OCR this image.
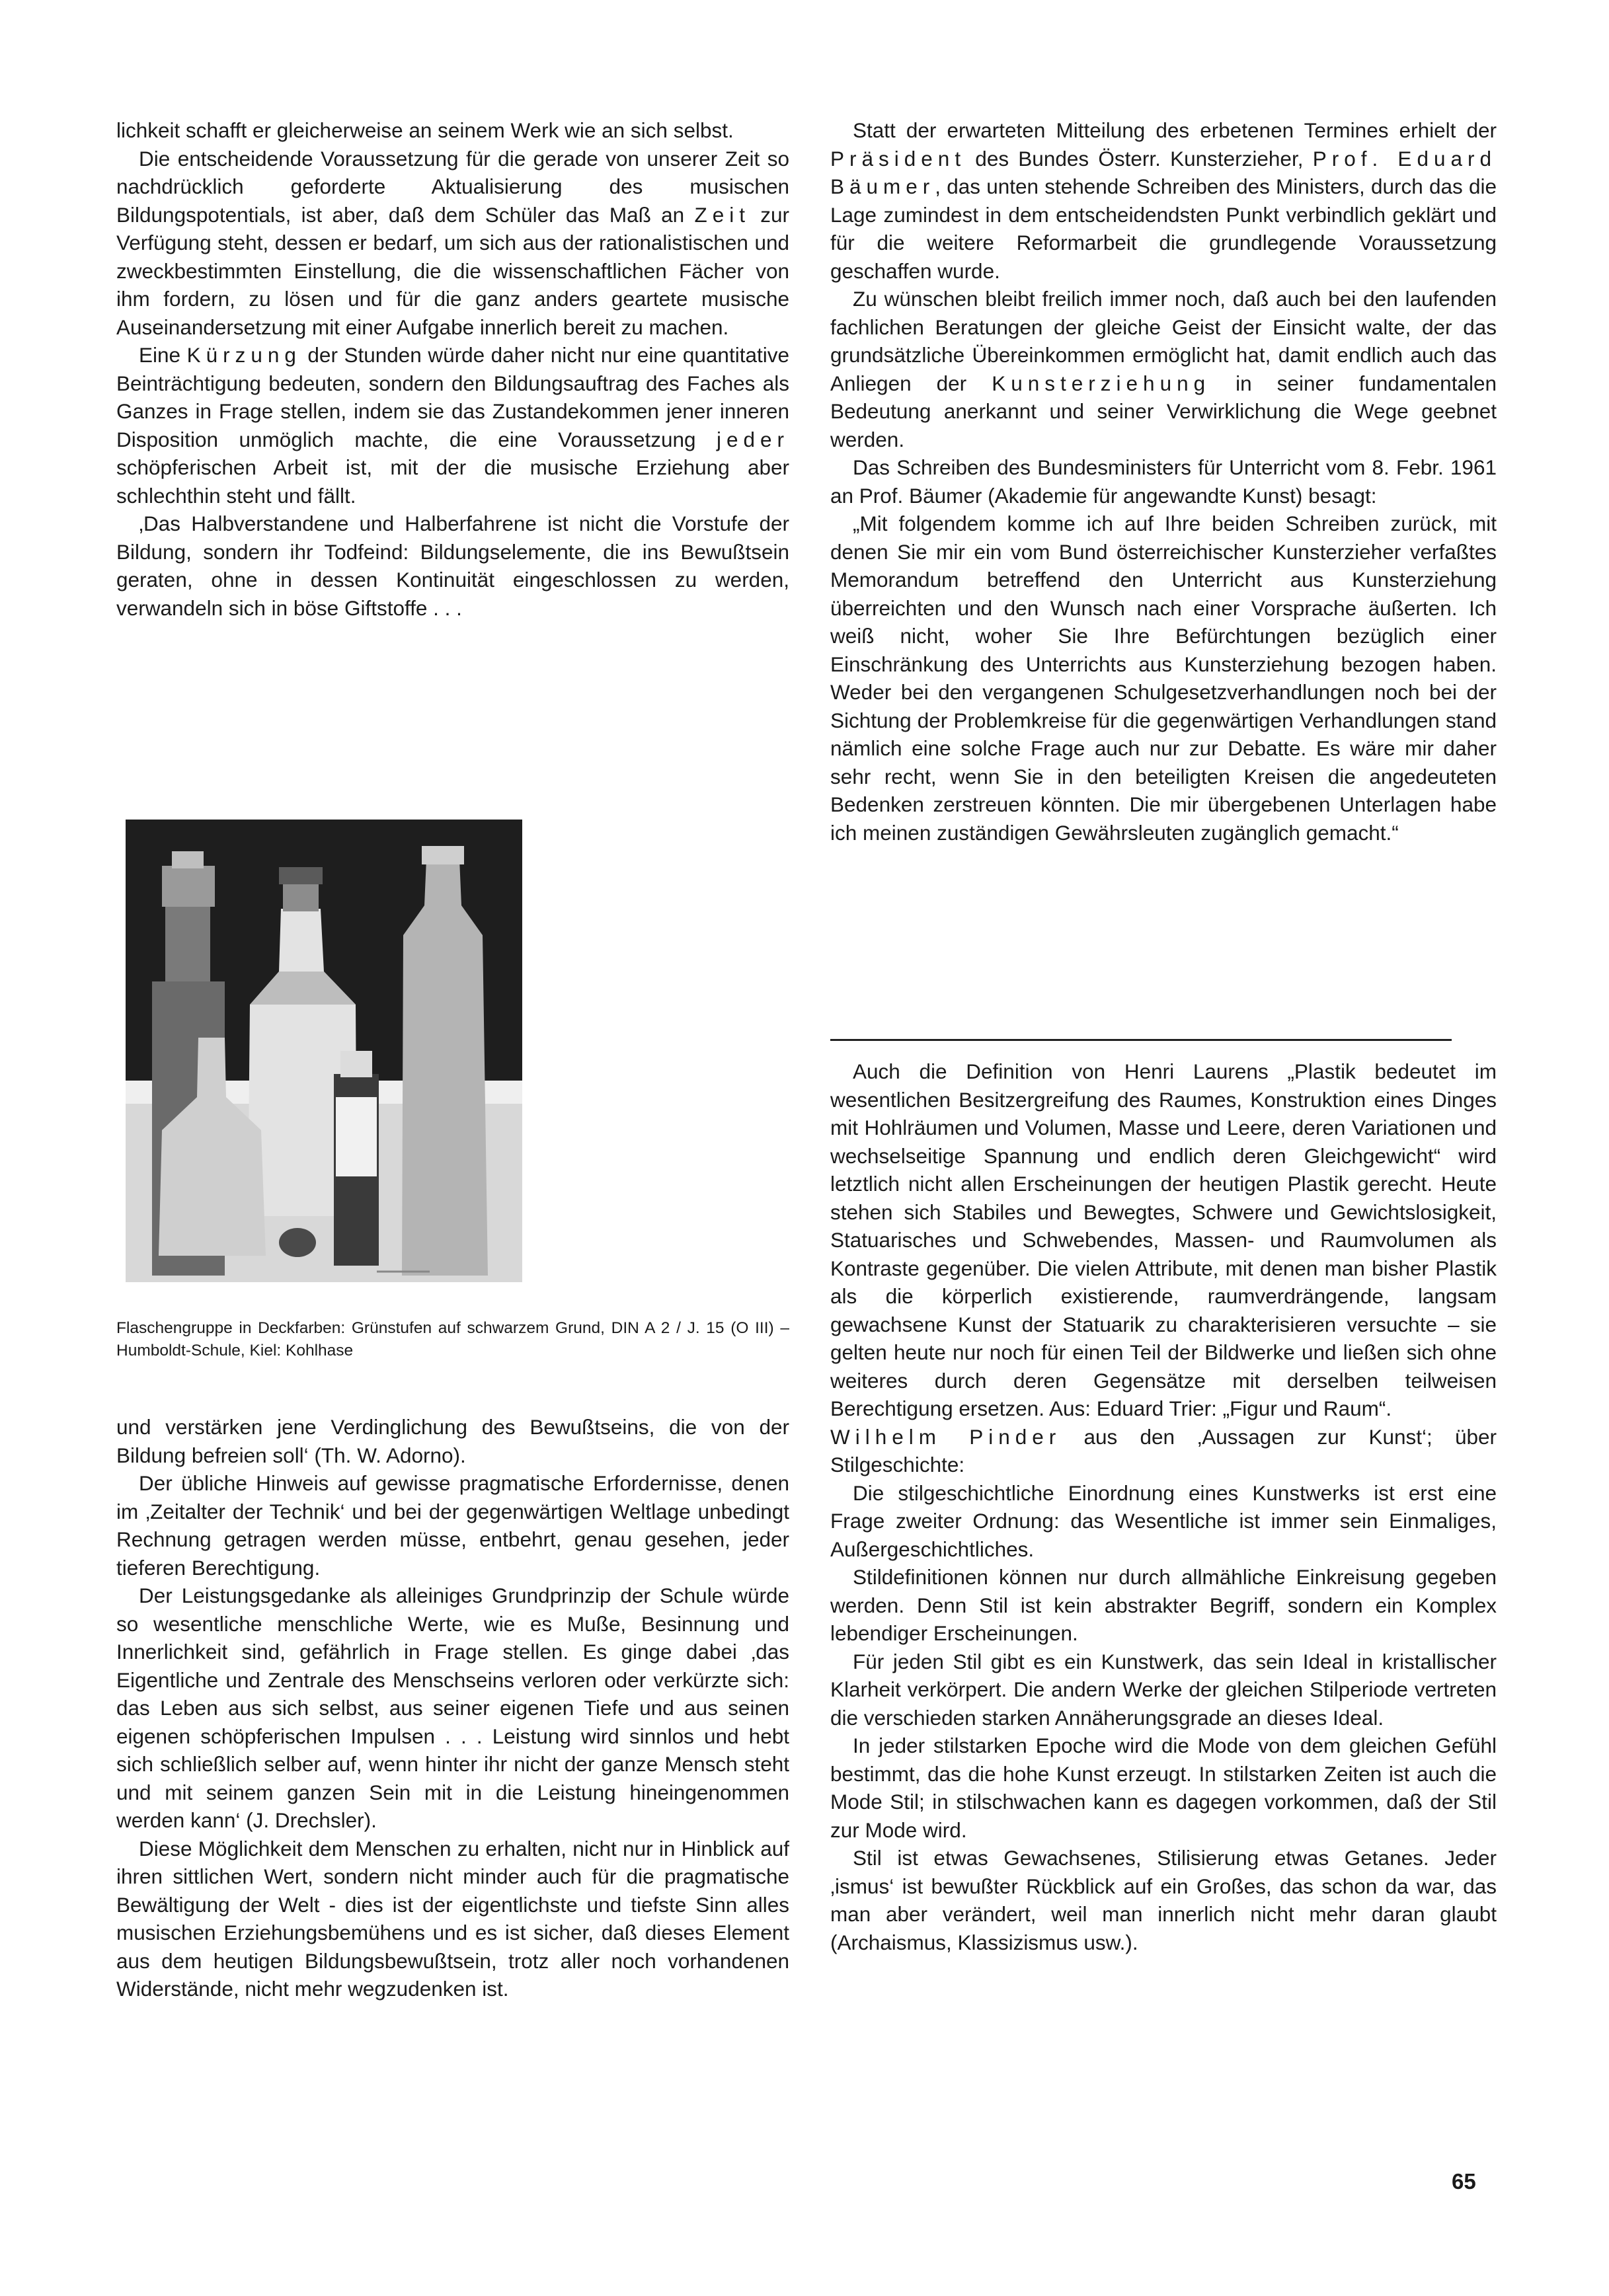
lichkeit schafft er gleicherweise an seinem Werk wie an sich selbst.

Die entscheidende Voraussetzung für die gerade von unserer Zeit so nachdrücklich geforderte Aktualisierung des musischen Bildungspotentials, ist aber, daß dem Schüler das Maß an Zeit zur Verfügung steht, dessen er bedarf, um sich aus der rationalistischen und zweckbestimmten Einstellung, die die wissenschaftlichen Fächer von ihm fordern, zu lösen und für die ganz anders geartete musische Auseinandersetzung mit einer Aufgabe innerlich bereit zu machen.

Eine Kürzung der Stunden würde daher nicht nur eine quantitative Beinträchtigung bedeuten, sondern den Bildungsauftrag des Faches als Ganzes in Frage stellen, indem sie das Zustandekommen jener inneren Disposition unmöglich machte, die eine Voraussetzung jeder schöpferischen Arbeit ist, mit der die musische Erziehung aber schlechthin steht und fällt.

‚Das Halbverstandene und Halberfahrene ist nicht die Vorstufe der Bildung, sondern ihr Todfeind: Bildungselemente, die ins Bewußtsein geraten, ohne in dessen Kontinuität eingeschlossen zu werden, verwandeln sich in böse Giftstoffe . . .

Flaschengruppe in Deckfarben: Grünstufen auf schwarzem Grund, DIN A 2 / J. 15 (O III) – Humboldt-Schule, Kiel: Kohlhase

und verstärken jene Verdinglichung des Bewußtseins, die von der Bildung befreien soll‘ (Th. W. Adorno).

Der übliche Hinweis auf gewisse pragmatische Erfordernisse, denen im ‚Zeitalter der Technik‘ und bei der gegenwärtigen Weltlage unbedingt Rechnung getragen werden müsse, entbehrt, genau gesehen, jeder tieferen Berechtigung.

Der Leistungsgedanke als alleiniges Grundprinzip der Schule würde so wesentliche menschliche Werte, wie es Muße, Besinnung und Innerlichkeit sind, gefährlich in Frage stellen. Es ginge dabei ‚das Eigentliche und Zentrale des Menschseins verloren oder verkürzte sich: das Leben aus sich selbst, aus seiner eigenen Tiefe und aus seinen eigenen schöpferischen Impulsen . . . Leistung wird sinnlos und hebt sich schließlich selber auf, wenn hinter ihr nicht der ganze Mensch steht und mit seinem ganzen Sein mit in die Leistung hineingenommen werden kann‘ (J. Drechsler).

Diese Möglichkeit dem Menschen zu erhalten, nicht nur in Hinblick auf ihren sittlichen Wert, sondern nicht minder auch für die pragmatische Bewältigung der Welt - dies ist der eigentlichste und tiefste Sinn alles musischen Erziehungsbemühens und es ist sicher, daß dieses Element aus dem heutigen Bildungsbewußtsein, trotz aller noch vorhandenen Widerstände, nicht mehr wegzudenken ist.

Statt der erwarteten Mitteilung des erbetenen Termines erhielt der Präsident des Bundes Österr. Kunsterzieher, Prof. Eduard Bäumer, das unten stehende Schreiben des Ministers, durch das die Lage zumindest in dem entscheidendsten Punkt verbindlich geklärt und für die weitere Reformarbeit die grundlegende Voraussetzung geschaffen wurde.

Zu wünschen bleibt freilich immer noch, daß auch bei den laufenden fachlichen Beratungen der gleiche Geist der Einsicht walte, der das grundsätzliche Übereinkommen ermöglicht hat, damit endlich auch das Anliegen der Kunsterziehung in seiner fundamentalen Bedeutung anerkannt und seiner Verwirklichung die Wege geebnet werden.

Das Schreiben des Bundesministers für Unterricht vom 8. Febr. 1961 an Prof. Bäumer (Akademie für angewandte Kunst) besagt:

„Mit folgendem komme ich auf Ihre beiden Schreiben zurück, mit denen Sie mir ein vom Bund österreichischer Kunsterzieher verfaßtes Memorandum betreffend den Unterricht aus Kunsterziehung überreichten und den Wunsch nach einer Vorsprache äußerten. Ich weiß nicht, woher Sie Ihre Befürchtungen bezüglich einer Einschränkung des Unterrichts aus Kunsterziehung bezogen haben. Weder bei den vergangenen Schulgesetzverhandlungen noch bei der Sichtung der Problemkreise für die gegenwärtigen Verhandlungen stand nämlich eine solche Frage auch nur zur Debatte. Es wäre mir daher sehr recht, wenn Sie in den beteiligten Kreisen die angedeuteten Bedenken zerstreuen könnten. Die mir übergebenen Unterlagen habe ich meinen zuständigen Gewährsleuten zugänglich gemacht.“

Auch die Definition von Henri Laurens „Plastik bedeutet im wesentlichen Besitzergreifung des Raumes, Konstruktion eines Dinges mit Hohlräumen und Volumen, Masse und Leere, deren Variationen und wechselseitige Spannung und endlich deren Gleichgewicht“ wird letztlich nicht allen Erscheinungen der heutigen Plastik gerecht. Heute stehen sich Stabiles und Bewegtes, Schwere und Gewichtslosigkeit, Statuarisches und Schwebendes, Massen- und Raumvolumen als Kontraste gegenüber. Die vielen Attribute, mit denen man bisher Plastik als die körperlich existierende, raumverdrängende, langsam gewachsene Kunst der Statuarik zu charakterisieren versuchte – sie gelten heute nur noch für einen Teil der Bildwerke und ließen sich ohne weiteres durch deren Gegensätze mit derselben teilweisen Berechtigung ersetzen. Aus: Eduard Trier: „Figur und Raum“.

Wilhelm Pinder aus den ‚Aussagen zur Kunst‘; über Stilgeschichte:

Die stilgeschichtliche Einordnung eines Kunstwerks ist erst eine Frage zweiter Ordnung: das Wesentliche ist immer sein Einmaliges, Außergeschichtliches.

Stildefinitionen können nur durch allmähliche Einkreisung gegeben werden. Denn Stil ist kein abstrakter Begriff, sondern ein Komplex lebendiger Erscheinungen.

Für jeden Stil gibt es ein Kunstwerk, das sein Ideal in kristallischer Klarheit verkörpert. Die andern Werke der gleichen Stilperiode vertreten die verschieden starken Annäherungsgrade an dieses Ideal.

In jeder stilstarken Epoche wird die Mode von dem gleichen Gefühl bestimmt, das die hohe Kunst erzeugt. In stilstarken Zeiten ist auch die Mode Stil; in stilschwachen kann es dagegen vorkommen, daß der Stil zur Mode wird.

Stil ist etwas Gewachsenes, Stilisierung etwas Getanes. Jeder ‚ismus‘ ist bewußter Rückblick auf ein Großes, das schon da war, das man aber verändert, weil man innerlich nicht mehr daran glaubt (Archaismus, Klassizismus usw.).

65
